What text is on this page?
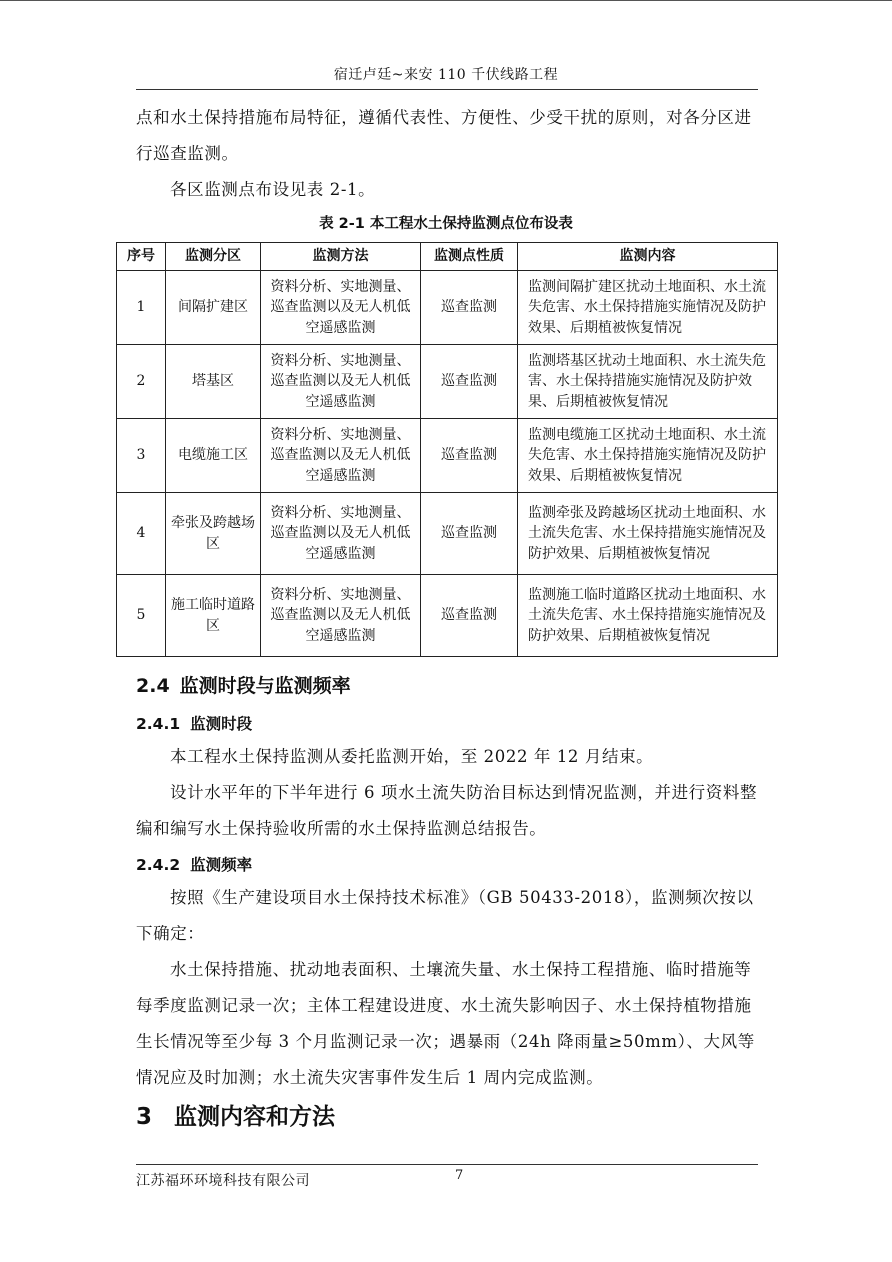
宿迁卢廷~来安 110 千伏线路工程

点和水土保持措施布局特征，遵循代表性、方便性、少受干扰的原则，对各分区进行巡查监测。

各区监测点布设见表 2-1。

表 2-1 本工程水土保持监测点位布设表
序号	监测分区	监测方法	监测点性质	监测内容
1	间隔扩建区	资料分析、实地测量、巡查监测以及无人机低空遥感监测	巡查监测	监测间隔扩建区扰动土地面积、水土流失危害、水土保持措施实施情况及防护效果、后期植被恢复情况
2	塔基区	资料分析、实地测量、巡查监测以及无人机低空遥感监测	巡查监测	监测塔基区扰动土地面积、水土流失危害、水土保持措施实施情况及防护效果、后期植被恢复情况
3	电缆施工区	资料分析、实地测量、巡查监测以及无人机低空遥感监测	巡查监测	监测电缆施工区扰动土地面积、水土流失危害、水土保持措施实施情况及防护效果、后期植被恢复情况
4	牵张及跨越场区	资料分析、实地测量、巡查监测以及无人机低空遥感监测	巡查监测	监测牵张及跨越场区扰动土地面积、水土流失危害、水土保持措施实施情况及防护效果、后期植被恢复情况
5	施工临时道路区	资料分析、实地测量、巡查监测以及无人机低空遥感监测	巡查监测	监测施工临时道路区扰动土地面积、水土流失危害、水土保持措施实施情况及防护效果、后期植被恢复情况
2.4 监测时段与监测频率
2.4.1 监测时段

本工程水土保持监测从委托监测开始，至 2022 年 12 月结束。

设计水平年的下半年进行 6 项水土流失防治目标达到情况监测，并进行资料整编和编写水土保持验收所需的水土保持监测总结报告。

2.4.2 监测频率

按照《生产建设项目水土保持技术标准》（GB 50433-2018），监测频次按以下确定：

水土保持措施、扰动地表面积、土壤流失量、水土保持工程措施、临时措施等每季度监测记录一次；主体工程建设进度、水土流失影响因子、水土保持植物措施生长情况等至少每 3 个月监测记录一次；遇暴雨（24h 降雨量≥50mm）、大风等情况应及时加测；水土流失灾害事件发生后 1 周内完成监测。

3 监测内容和方法
江苏福环环境科技有限公司	7
